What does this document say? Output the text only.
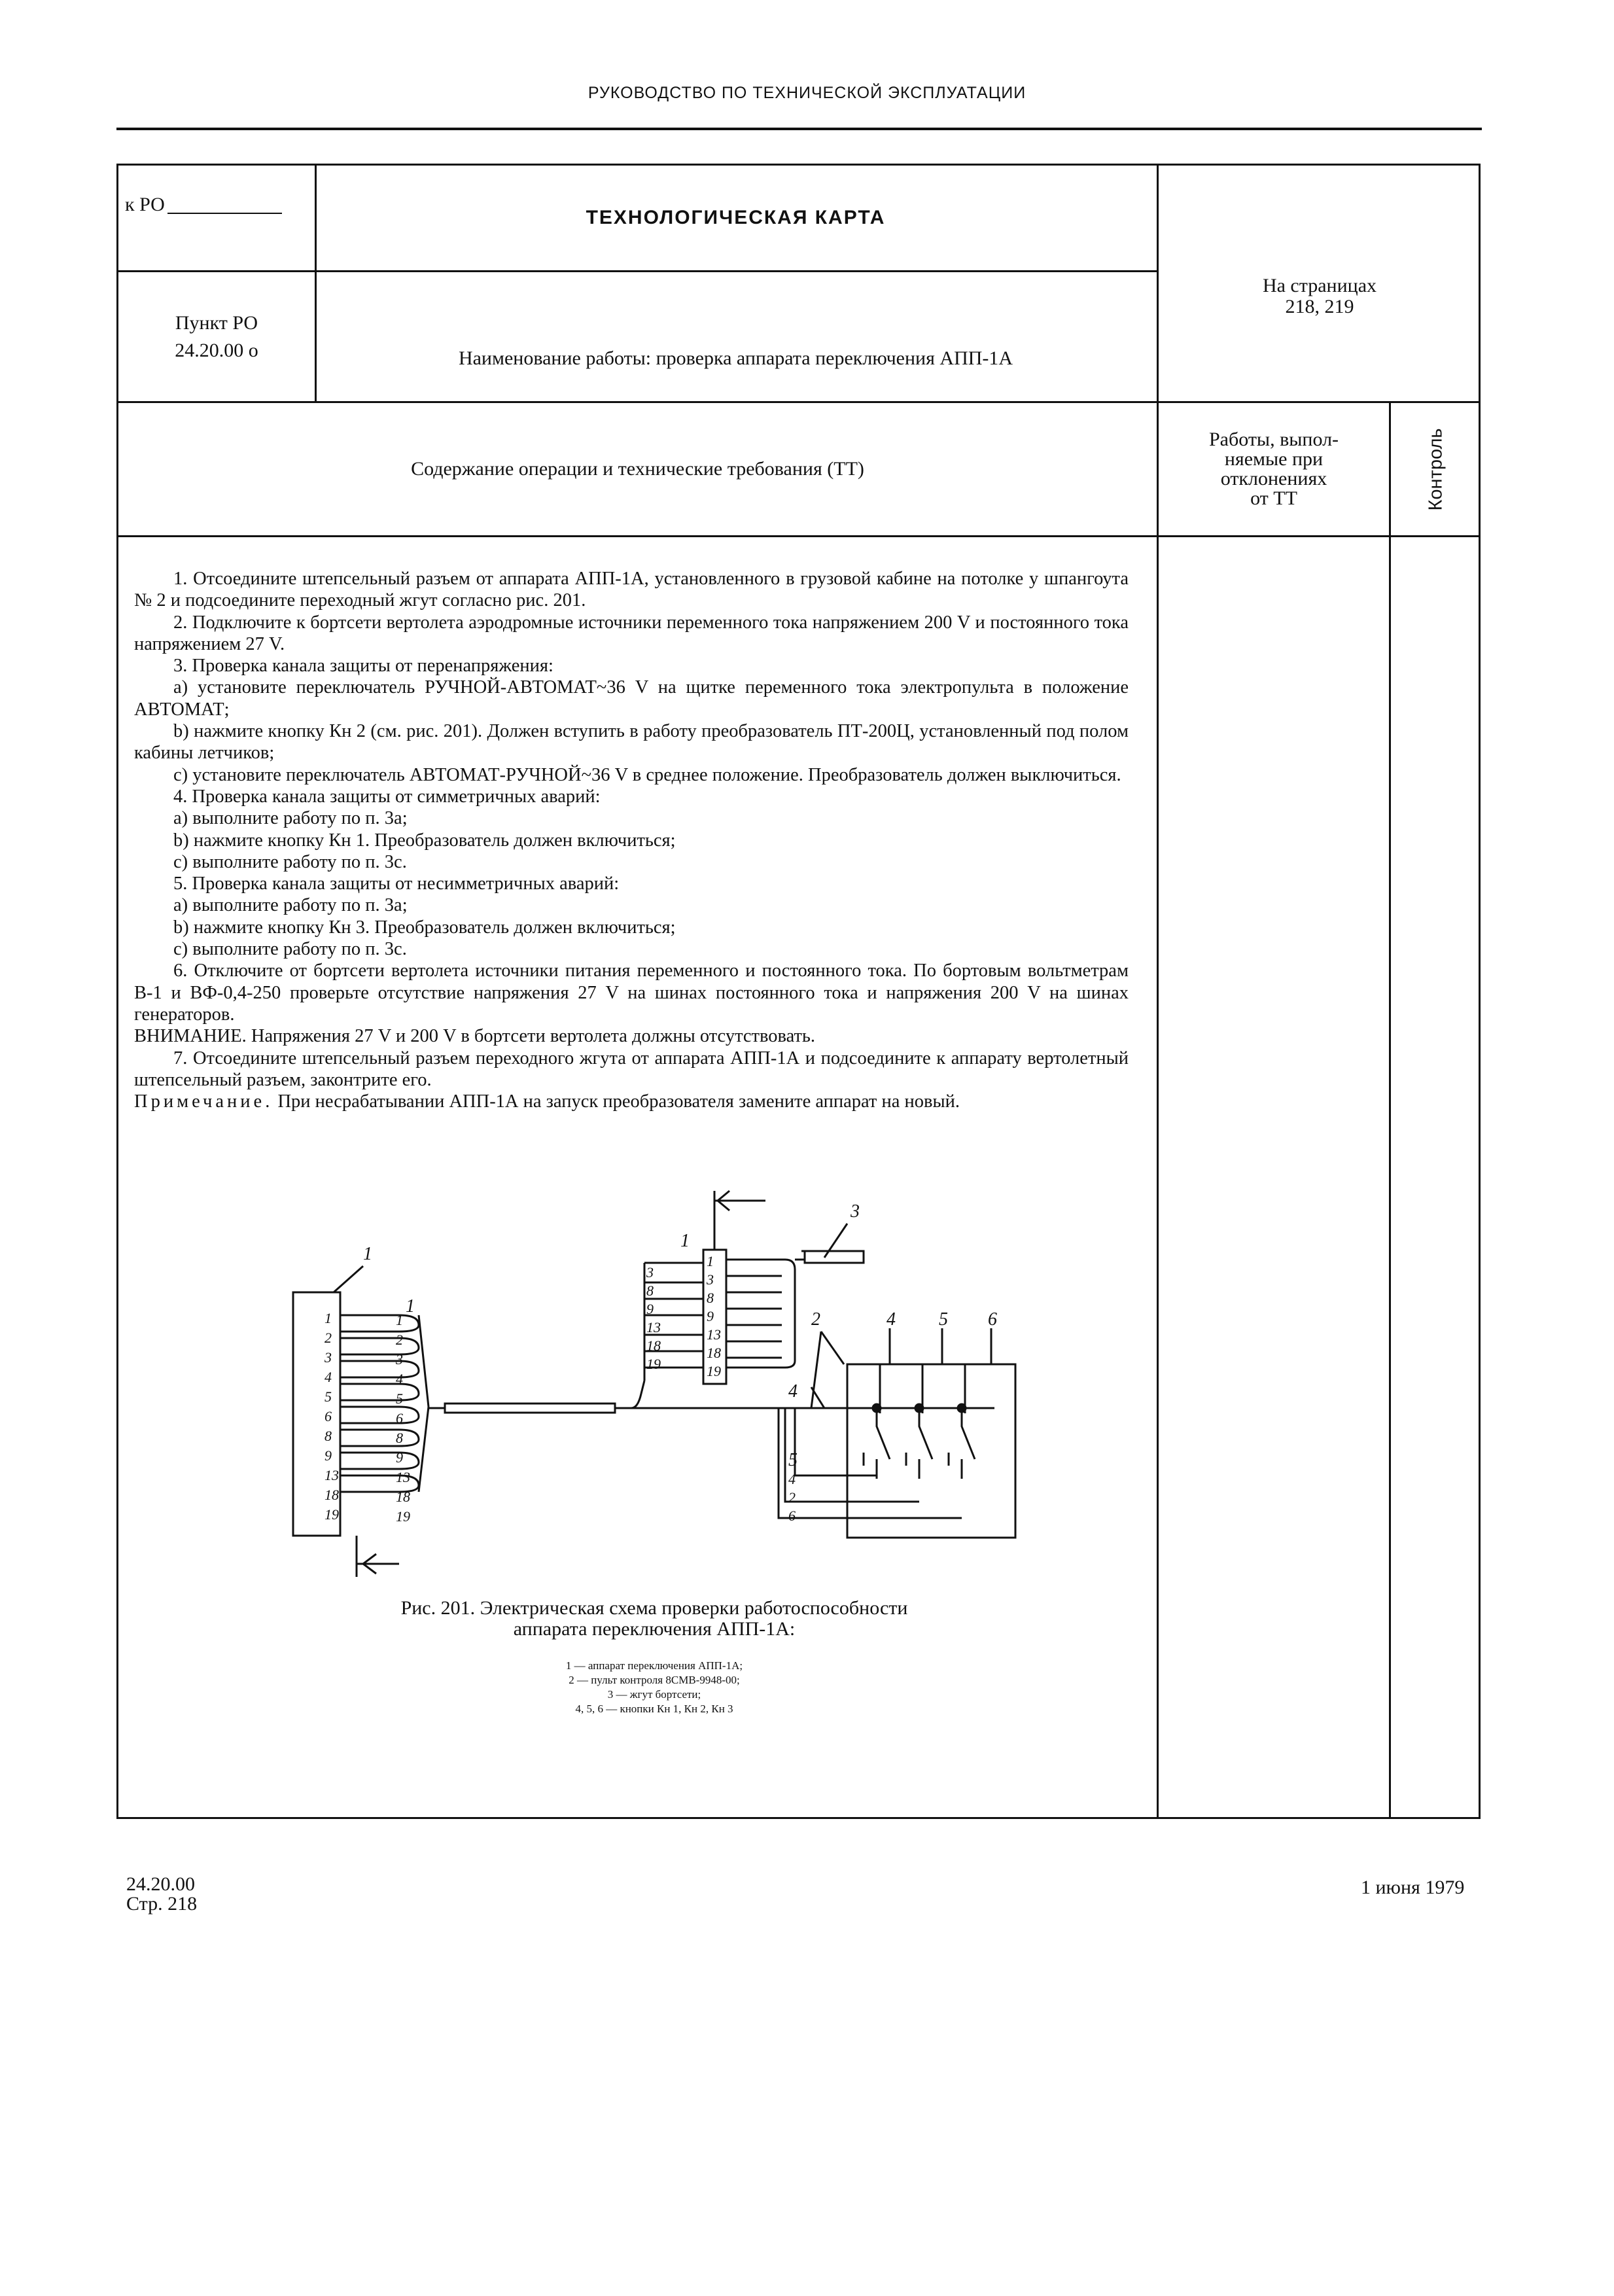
РУКОВОДСТВО ПО ТЕХНИЧЕСКОЙ ЭКСПЛУАТАЦИИ
к РО
ТЕХНОЛОГИЧЕСКАЯ КАРТА
На страницах
218, 219
Пункт РО
24.20.00 о	Наименование работы: проверка аппарата переключения АПП-1А
Содержание операции и технические требования (ТТ)
Работы, выпол-
няемые при
отклонениях
от ТТ	Контроль

1. Отсоедините штепсельный разъем от аппарата АПП-1А, установленного в грузовой кабине на потолке у шпангоута № 2 и подсоедините переходный жгут согласно рис. 201.

2. Подключите к бортсети вертолета аэродромные источники переменного тока напряжением 200 V и постоянного тока напряжением 27 V.

3. Проверка канала защиты от перенапряжения:

a) установите переключатель РУЧНОЙ-АВТОМАТ~36 V на щитке переменного тока электропульта в положение АВТОМАТ;

b) нажмите кнопку Кн 2 (см. рис. 201). Должен вступить в работу преобразователь ПТ-200Ц, установленный под полом кабины летчиков;

c) установите переключатель АВТОМАТ-РУЧНОЙ~36 V в среднее положение. Преобразователь должен выключиться.

4. Проверка канала защиты от симметричных аварий:

a) выполните работу по п. 3a;

b) нажмите кнопку Кн 1. Преобразователь должен включиться;

c) выполните работу по п. 3c.

5. Проверка канала защиты от несимметричных аварий:

a) выполните работу по п. 3a;

b) нажмите кнопку Кн 3. Преобразователь должен включиться;

c) выполните работу по п. 3c.

6. Отключите от бортсети вертолета источники питания переменного и постоянного тока. По бортовым вольтметрам В-1 и ВФ-0,4-250 проверьте отсутствие напряжения 27 V на шинах постоянного тока и напряжения 200 V на шинах генераторов.

ВНИМАНИЕ. Напряжения 27 V и 200 V в бортсети вертолета должны отсутствовать.

7. Отсоедините штепсельный разъем переходного жгута от аппарата АПП-1А и подсоедините к аппарату вертолетный штепсельный разъем, законтрите его.

Примечание. При несрабатывании АПП-1А на запуск преобразователя замените аппарат на новый.

1
1
1
2
3
4 5 6
4
5
1
2
3
4
5
6
8
9
13
18
19
1
2
3
4
5
6
8
9
13
18
19
3
8
9
13
18
19
1
3
8
9
13
18
19
4
2
6
Рис. 201. Электрическая схема проверки работоспособности
аппарата переключения АПП-1А:
1 — аппарат переключения АПП-1А;
2 — пульт контроля 8СМВ-9948-00;
3 — жгут бортсети;
4, 5, 6 — кнопки Кн 1, Кн 2, Кн 3
24.20.00
Стр. 218
1 июня 1979
